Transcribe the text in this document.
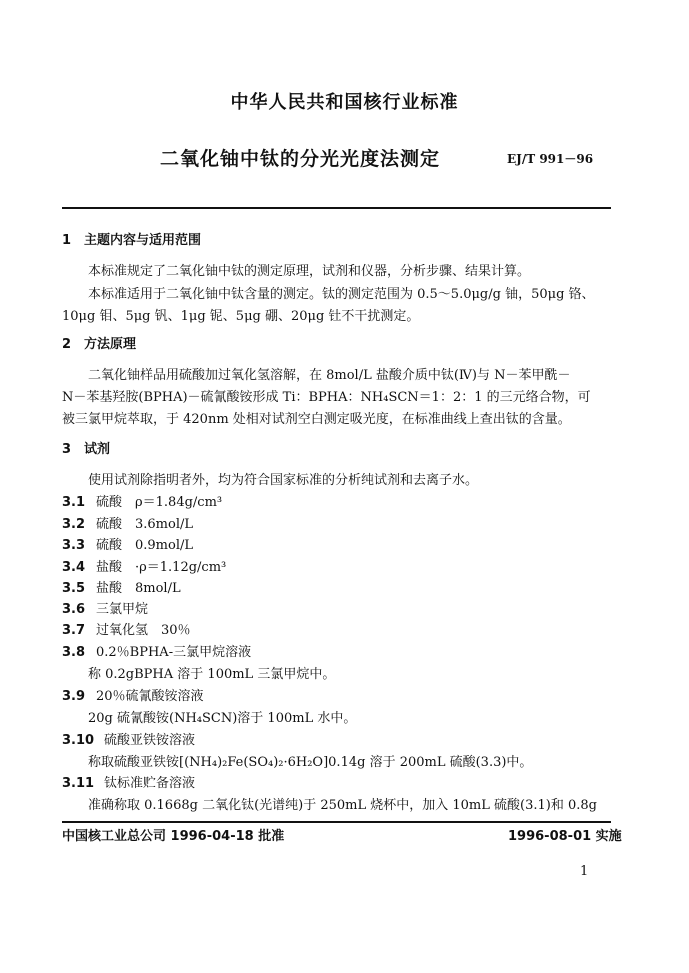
中华人民共和国核行业标准
二氧化铀中钛的分光光度法测定	EJ/T 991－96
1　主题内容与适用范围
本标准规定了二氧化铀中钛的测定原理，试剂和仪器，分析步骤、结果计算。
本标准适用于二氧化铀中钛含量的测定。钛的测定范围为 0.5～5.0μg/g 铀，50μg 铬、
10μg 钼、5μg 钒、1μg 铌、5μg 硼、20μg 钍不干扰测定。
2　方法原理
二氧化铀样品用硫酸加过氧化氢溶解，在 8mol/L 盐酸介质中钛(Ⅳ)与 N－苯甲酰－
N－苯基羟胺(BPHA)－硫氰酸铵形成 Ti：BPHA：NH₄SCN＝1：2：1 的三元络合物，可
被三氯甲烷萃取，于 420nm 处相对试剂空白测定吸光度，在标准曲线上查出钛的含量。
3　试剂
使用试剂除指明者外，均为符合国家标准的分析纯试剂和去离子水。
3.1 硫酸　ρ＝1.84g/cm³
3.2 硫酸　3.6mol/L
3.3 硫酸　0.9mol/L
3.4 盐酸　·ρ＝1.12g/cm³
3.5 盐酸　8mol/L
3.6 三氯甲烷
3.7 过氧化氢　30％
3.8 0.2％BPHA-三氯甲烷溶液
称 0.2gBPHA 溶于 100mL 三氯甲烷中。
3.9 20％硫氰酸铵溶液
20g 硫氰酸铵(NH₄SCN)溶于 100mL 水中。
3.10 硫酸亚铁铵溶液
称取硫酸亚铁铵[(NH₄)₂Fe(SO₄)₂·6H₂O]0.14g 溶于 200mL 硫酸(3.3)中。
3.11 钛标准贮备溶液
准确称取 0.1668g 二氧化钛(光谱纯)于 250mL 烧杯中，加入 10mL 硫酸(3.1)和 0.8g
中国核工业总公司 1996-04-18 批准	1996-08-01 实施
1
